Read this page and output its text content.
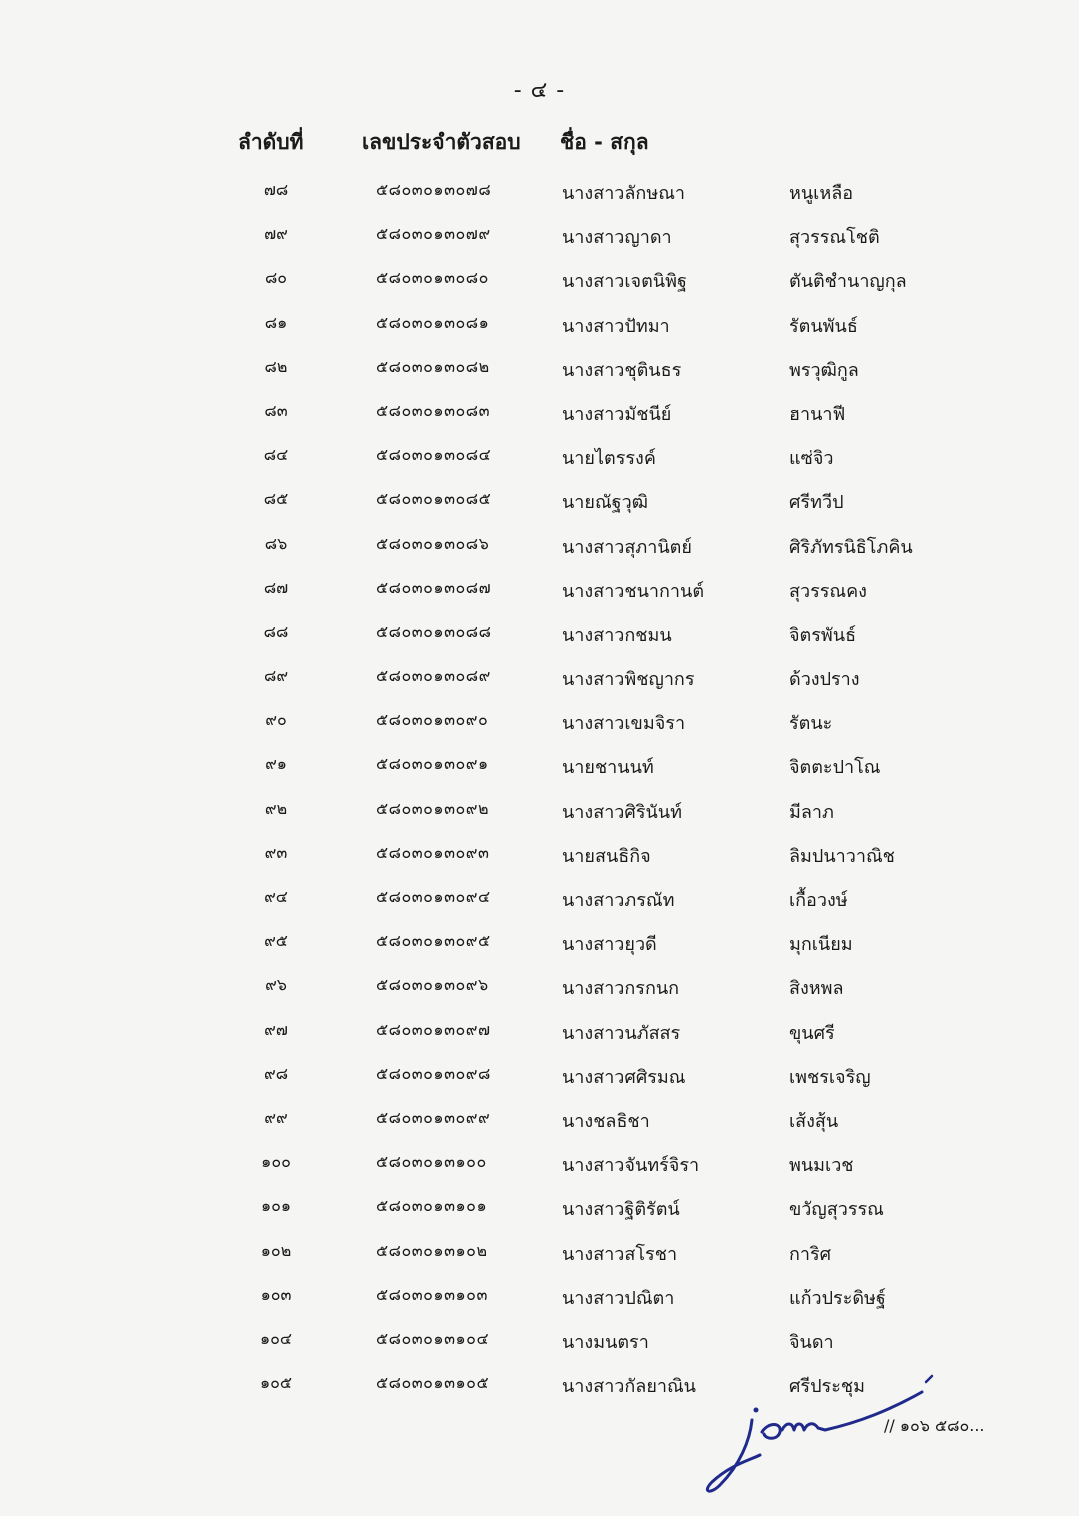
- ๔ -
ลำดับที่	เลขประจำตัวสอบ ชื่อ - สกุล
๗๘	๕๘๐๓๐๑๓๐๗๘	นางสาวลักษณา	หนูเหลือ
๗๙	๕๘๐๓๐๑๓๐๗๙	นางสาวญาดา	สุวรรณโชติ
๘๐	๕๘๐๓๐๑๓๐๘๐	นางสาวเจตนิพิฐ	ตันติชำนาญกุล
๘๑	๕๘๐๓๐๑๓๐๘๑	นางสาวปัทมา	รัตนพันธ์
๘๒	๕๘๐๓๐๑๓๐๘๒	นางสาวชุตินธร	พรวุฒิกูล
๘๓	๕๘๐๓๐๑๓๐๘๓	นางสาวมัชนีย์	ฮานาฟี
๘๔	๕๘๐๓๐๑๓๐๘๔	นายไตรรงค์	แซ่จิว
๘๕	๕๘๐๓๐๑๓๐๘๕	นายณัฐวุฒิ	ศรีทวีป
๘๖	๕๘๐๓๐๑๓๐๘๖	นางสาวสุภานิตย์	ศิริภัทรนิธิโภคิน
๘๗	๕๘๐๓๐๑๓๐๘๗	นางสาวชนากานต์	สุวรรณคง
๘๘	๕๘๐๓๐๑๓๐๘๘	นางสาวกชมน	จิตรพันธ์
๘๙	๕๘๐๓๐๑๓๐๘๙	นางสาวพิชญากร	ด้วงปราง
๙๐	๕๘๐๓๐๑๓๐๙๐	นางสาวเขมจิรา	รัตนะ
๙๑	๕๘๐๓๐๑๓๐๙๑	นายชานนท์	จิตตะปาโณ
๙๒	๕๘๐๓๐๑๓๐๙๒	นางสาวศิรินันท์	มีลาภ
๙๓	๕๘๐๓๐๑๓๐๙๓	นายสนธิกิจ	ลิมปนาวาณิช
๙๔	๕๘๐๓๐๑๓๐๙๔	นางสาวภรณัท	เกื้อวงษ์
๙๕	๕๘๐๓๐๑๓๐๙๕	นางสาวยุวดี	มุกเนียม
๙๖	๕๘๐๓๐๑๓๐๙๖	นางสาวกรกนก	สิงหพล
๙๗	๕๘๐๓๐๑๓๐๙๗	นางสาวนภัสสร	ขุนศรี
๙๘	๕๘๐๓๐๑๓๐๙๘	นางสาวศศิรมณ	เพชรเจริญ
๙๙	๕๘๐๓๐๑๓๐๙๙	นางชลธิชา	เส้งสุ้น
๑๐๐	๕๘๐๓๐๑๓๑๐๐	นางสาวจันทร์จิรา	พนมเวช
๑๐๑	๕๘๐๓๐๑๓๑๐๑	นางสาวฐิติรัตน์	ขวัญสุวรรณ
๑๐๒	๕๘๐๓๐๑๓๑๐๒	นางสาวสโรชา	การิศ
๑๐๓	๕๘๐๓๐๑๓๑๐๓	นางสาวปณิตา	แก้วประดิษฐ์
๑๐๔	๕๘๐๓๐๑๓๑๐๔	นางมนตรา	จินดา
๑๐๕	๕๘๐๓๐๑๓๑๐๕	นางสาวกัลยาณิน	ศรีประชุม
// ๑๐๖ ๕๘๐...
